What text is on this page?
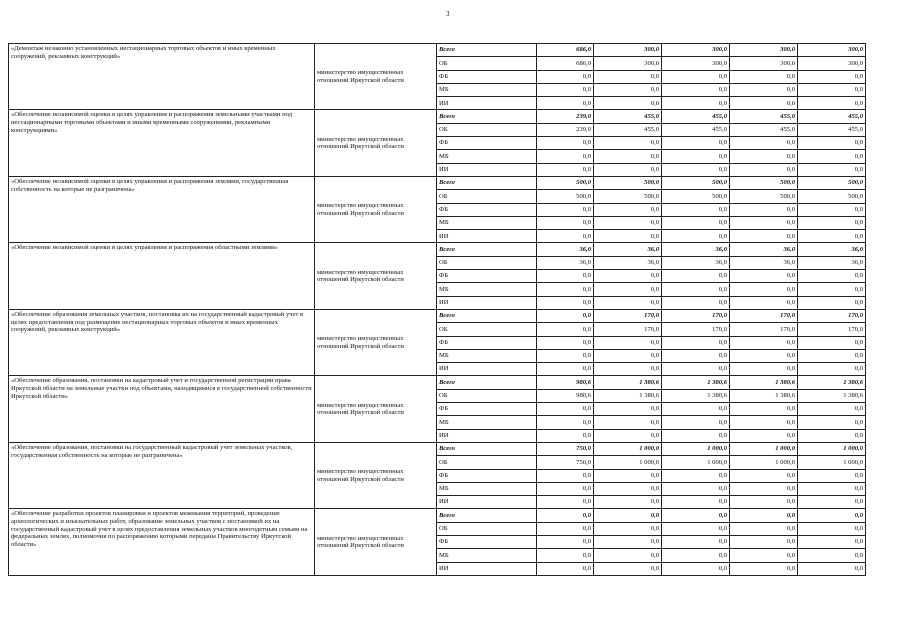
3
«Демонтаж незаконно установленных нестационарных торговых объектов и иных временных сооружений, рекламных конструкций»	министерство имущественных отношений Иркутской области	Всего	686,0	300,0	300,0	300,0	300,0
		ОБ	686,0	300,0	300,0	300,0	300,0
		ФБ	0,0	0,0	0,0	0,0	0,0
		МБ	0,0	0,0	0,0	0,0	0,0
		ИИ	0,0	0,0	0,0	0,0	0,0
«Обеспечение независимой оценки в целях управления и распоряжения земельными участками под нестационарными торговыми объектами и иными временными сооружениями, рекламными конструкциями»	министерство имущественных отношений Иркутской области	Всего	239,0	455,0	455,0	455,0	455,0
		ОБ	239,0	455,0	455,0	455,0	455,0
		ФБ	0,0	0,0	0,0	0,0	0,0
		МБ	0,0	0,0	0,0	0,0	0,0
		ИИ	0,0	0,0	0,0	0,0	0,0
«Обеспечение независимой оценки в целях управления и распоряжения землями, государственная собственность на которые не разграничена»	министерство имущественных отношений Иркутской области	Всего	500,0	500,0	500,0	500,0	500,0
		ОБ	500,0	500,0	500,0	500,0	500,0
		ФБ	0,0	0,0	0,0	0,0	0,0
		МБ	0,0	0,0	0,0	0,0	0,0
		ИИ	0,0	0,0	0,0	0,0	0,0
«Обеспечение независимой оценки в целях управления и распоряжения областными землями»	министерство имущественных отношений Иркутской области	Всего	36,0	36,0	36,0	36,0	36,0
		ОБ	36,0	36,0	36,0	36,0	36,0
		ФБ	0,0	0,0	0,0	0,0	0,0
		МБ	0,0	0,0	0,0	0,0	0,0
		ИИ	0,0	0,0	0,0	0,0	0,0
«Обеспечение образования земельных участков, постановка их на государственный кадастровый учет в целях предоставления под размещение нестационарных торговых объектов и иных временных сооружений, рекламных конструкций»	министерство имущественных отношений Иркутской области	Всего	0,0	170,0	170,0	170,0	170,0
		ОБ	0,0	170,0	170,0	170,0	170,0
		ФБ	0,0	0,0	0,0	0,0	0,0
		МБ	0,0	0,0	0,0	0,0	0,0
		ИИ	0,0	0,0	0,0	0,0	0,0
«Обеспечение образования, постановки на кадастровый учет и государственной регистрации права Иркутской области на земельные участки под объектами, находящимися в государственной собственности Иркутской области»	министерство имущественных отношений Иркутской области	Всего	980,6	1 380,6	1 380,6	1 380,6	1 380,6
		ОБ	980,6	1 380,6	1 380,6	1 380,6	1 380,6
		ФБ	0,0	0,0	0,0	0,0	0,0
		МБ	0,0	0,0	0,0	0,0	0,0
		ИИ	0,0	0,0	0,0	0,0	0,0
«Обеспечение образования, постановки на государственный кадастровый учет земельных участков, государственная собственность на которые не разграничена»	министерство имущественных отношений Иркутской области	Всего	750,0	1 000,0	1 000,0	1 000,0	1 000,0
		ОБ	750,0	1 000,0	1 000,0	1 000,0	1 000,0
		ФБ	0,0	0,0	0,0	0,0	0,0
		МБ	0,0	0,0	0,0	0,0	0,0
		ИИ	0,0	0,0	0,0	0,0	0,0
«Обеспечение разработки проектов планировки и проектов межевания территорий, проведение археологических и изыскательных работ, образование земельных участков с постановкой их на государственный кадастровый учет в целях предоставления земельных участков многодетным семьям на федеральных землях, полномочия по распоряжению которыми переданы Правительству Иркутской области»	министерство имущественных отношений Иркутской области	Всего	0,0	0,0	0,0	0,0	0,0
		ОБ	0,0	0,0	0,0	0,0	0,0
		ФБ	0,0	0,0	0,0	0,0	0,0
		МБ	0,0	0,0	0,0	0,0	0,0
		ИИ	0,0	0,0	0,0	0,0	0,0
